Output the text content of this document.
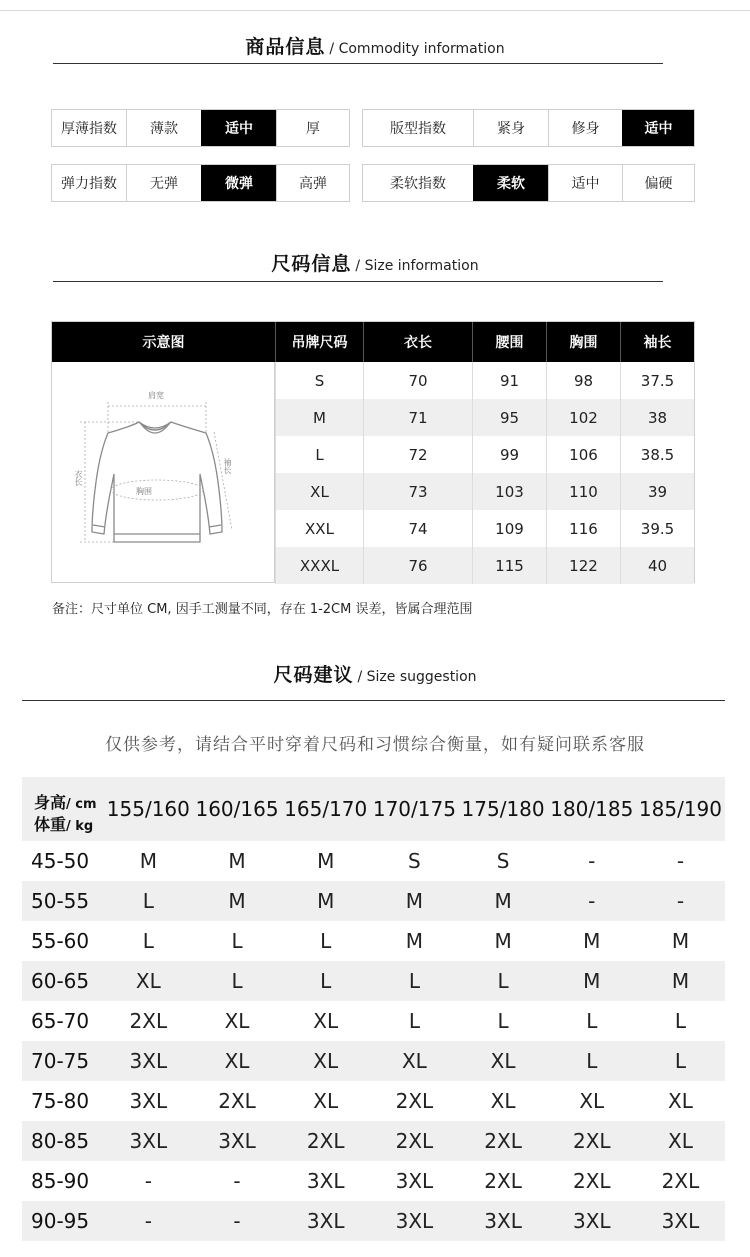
商品信息 / Commodity information
厚薄指数	薄款	适中	厚	版型指数	紧身	修身	适中
弹力指数	无弹	微弹	高弹	柔软指数	柔软	适中	偏硬
尺码信息 / Size information
示意图	吊牌尺码	衣长	腰围	胸围	袖长
肩宽
衣长
袖长
胸围
S	70	91	98	37.5
M	71	95	102	38
L	72	99	106	38.5
XL	73	103	110	39
XXL	74	109	116	39.5
XXXL	76	115	122	40
备注：尺寸单位 CM, 因手工测量不同，存在 1-2CM 误差，皆属合理范围
尺码建议 / Size suggestion
仅供参考，请结合平时穿着尺码和习惯综合衡量，如有疑问联系客服
身高/ cm
体重/ kg
155/160 160/165 165/170 170/175 175/180 180/185 185/190
45-50	M	M	M	S	S	-	-
50-55	L	M	M	M	M	-	-
55-60	L	L	L	M	M	M	M
60-65	XL	L	L	L	L	M	M
65-70	2XL	XL	XL	L	L	L	L
70-75	3XL	XL	XL	XL	XL	L	L
75-80	3XL	2XL	XL	2XL	XL	XL	XL
80-85	3XL	3XL	2XL	2XL	2XL	2XL	XL
85-90	-	-	3XL	3XL	2XL	2XL	2XL
90-95	-	-	3XL	3XL	3XL	3XL	3XL
